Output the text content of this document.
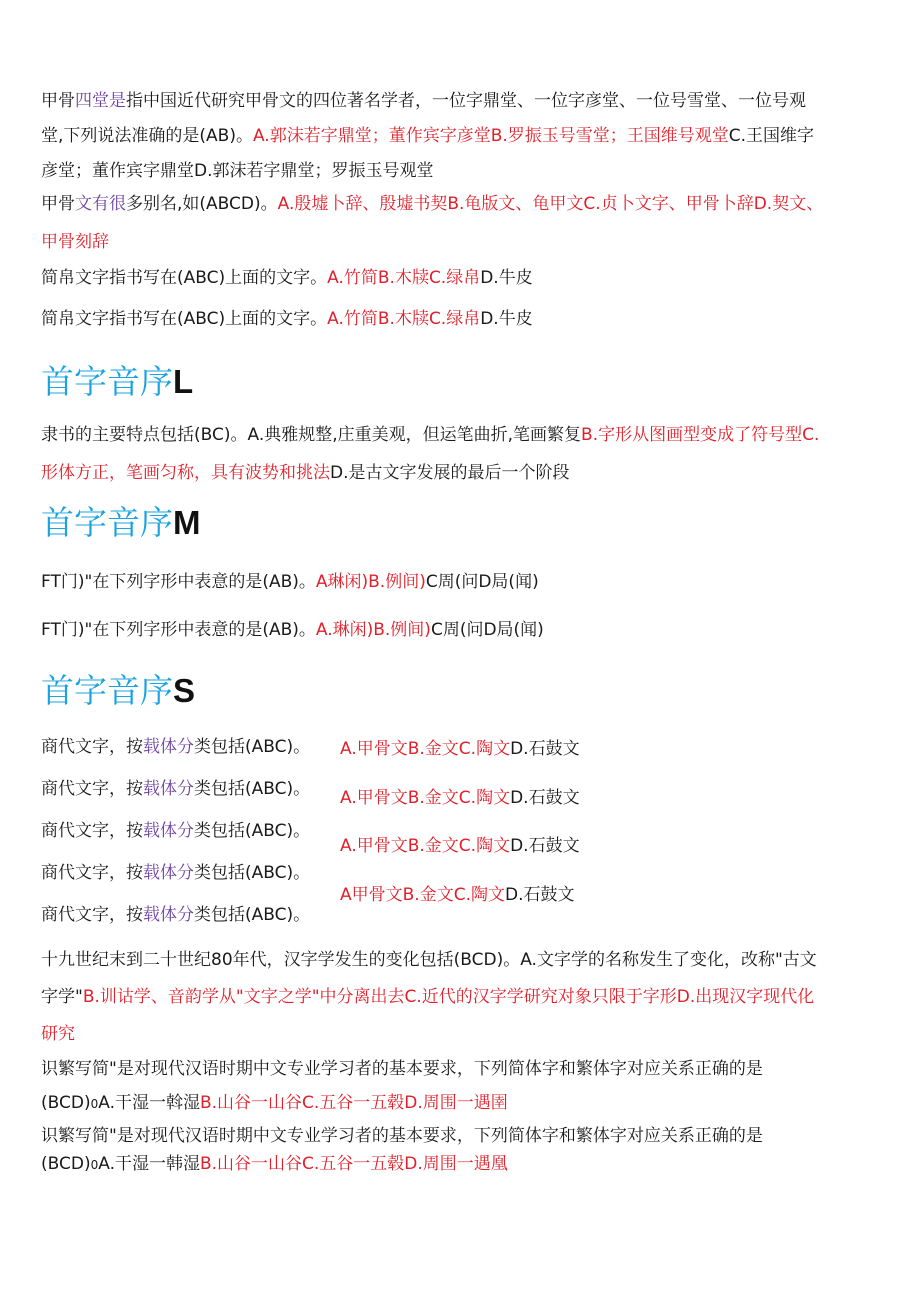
甲骨四堂是指中国近代研究甲骨文的四位著名学者，一位字鼎堂、一位字彦堂、一位号雪堂、一位号观
堂,下列说法准确的是(AB)。A.郭沫若字鼎堂；董作宾字彦堂B.罗振玉号雪堂；王国维号观堂C.王国维字
彦堂；董作宾字鼎堂D.郭沫若字鼎堂；罗振玉号观堂
甲骨文有很多别名,如(ABCD)。A.殷墟卜辞、殷墟书契B.龟版文、龟甲文C.贞卜文字、甲骨卜辞D.契文、
甲骨刻辞
简帛文字指书写在(ABC)上面的文字。A.竹简B.木牍C.绿帛D.牛皮
简帛文字指书写在(ABC)上面的文字。A.竹简B.木牍C.绿帛D.牛皮
首字音序L
隶书的主要特点包括(BC)。A.典雅规整,庄重美观，但运笔曲折,笔画繁复B.字形从图画型变成了符号型C.
形体方正，笔画匀称，具有波势和挑法D.是古文字发展的最后一个阶段
首字音序M
FT门)"在下列字形中表意的是(AB)。A琳闲)B.例间)C周(问D局(闻)
FT门)"在下列字形中表意的是(AB)。A.琳闲)B.例间)C周(问D局(闻)
首字音序S
商代文字，按载体分类包括(ABC)。
商代文字，按载体分类包括(ABC)。
商代文字，按载体分类包括(ABC)。
商代文字，按载体分类包括(ABC)。
商代文字，按载体分类包括(ABC)。
A.甲骨文B.金文C.陶文D.石鼓文
A.甲骨文B.金文C.陶文D.石鼓文
A.甲骨文B.金文C.陶文D.石鼓文
A甲骨文B.金文C.陶文D.石鼓文
十九世纪末到二十世纪80年代，汉字学发生的变化包括(BCD)。A.文字学的名称发生了变化，改称"古文
字学"B.训诂学、音韵学从"文字之学"中分离出去C.近代的汉字学研究对象只限于字形D.出现汉字现代化
研究
识繁写简"是对现代汉语时期中文专业学习者的基本要求，下列简体字和繁体字对应关系正确的是
(BCD)0A.干湿一斡湿B.山谷一山谷C.五谷一五毂D.周围一遇圉
识繁写简"是对现代汉语时期中文专业学习者的基本要求，下列简体字和繁体字对应关系正确的是
(BCD)0A.干湿一韩湿B.山谷一山谷C.五谷一五毂D.周围一遇凰
